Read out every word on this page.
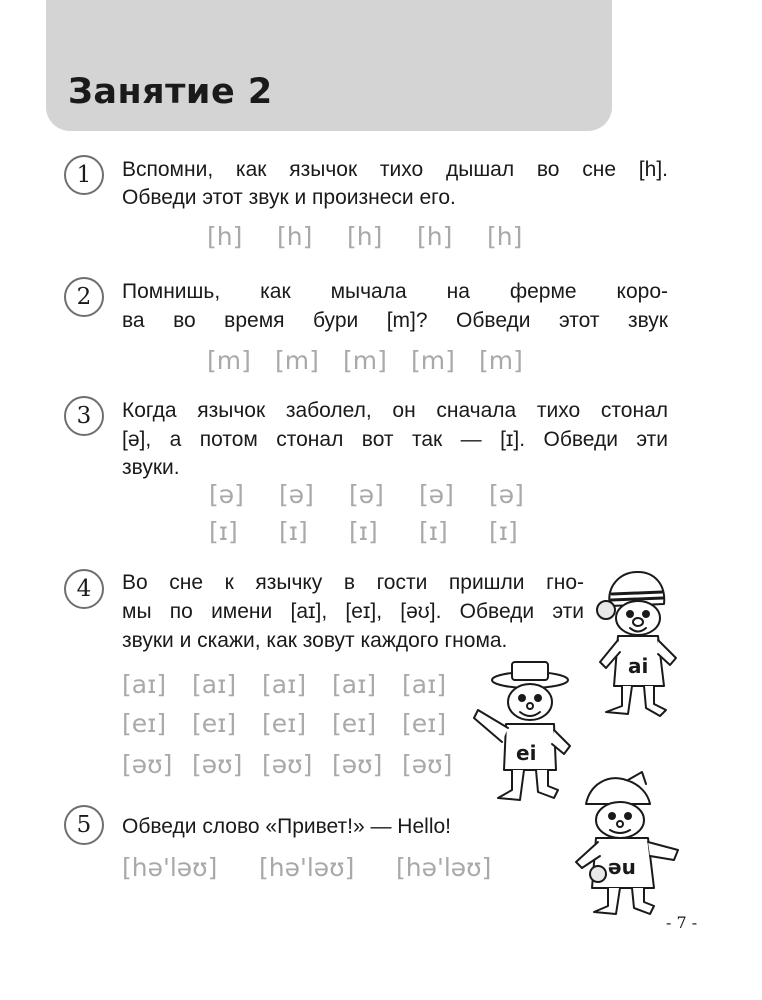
Занятие 2
1	Вспомни, как язычок тихо дышал во сне [h].
Обведи этот звук и произнеси его.
[h] [h] [h] [h] [h]
2	Помнишь, как мычала на ферме коро-
ва во время бури [m]? Обведи этот звук
[m] [m] [m] [m] [m]
3	Когда язычок заболел, он сначала тихо стонал
[ə], а потом стонал вот так — [ɪ]. Обведи эти
звуки.
[ə] [ə] [ə] [ə] [ə]
[ɪ] [ɪ] [ɪ] [ɪ] [ɪ]
4	Во сне к язычку в гости пришли гно-
мы по имени [aɪ], [eɪ], [əʊ]. Обведи эти
звуки и скажи, как зовут каждого гнома.
[aɪ] [aɪ] [aɪ] [aɪ] [aɪ]
[eɪ] [eɪ] [eɪ] [eɪ] [eɪ]
[əʊ] [əʊ] [əʊ] [əʊ] [əʊ]
5	Обведи слово «Привет!» — Hello!
[hə'ləʊ] [hə'ləʊ] [hə'ləʊ]
ai
ei
əu
- 7 -
